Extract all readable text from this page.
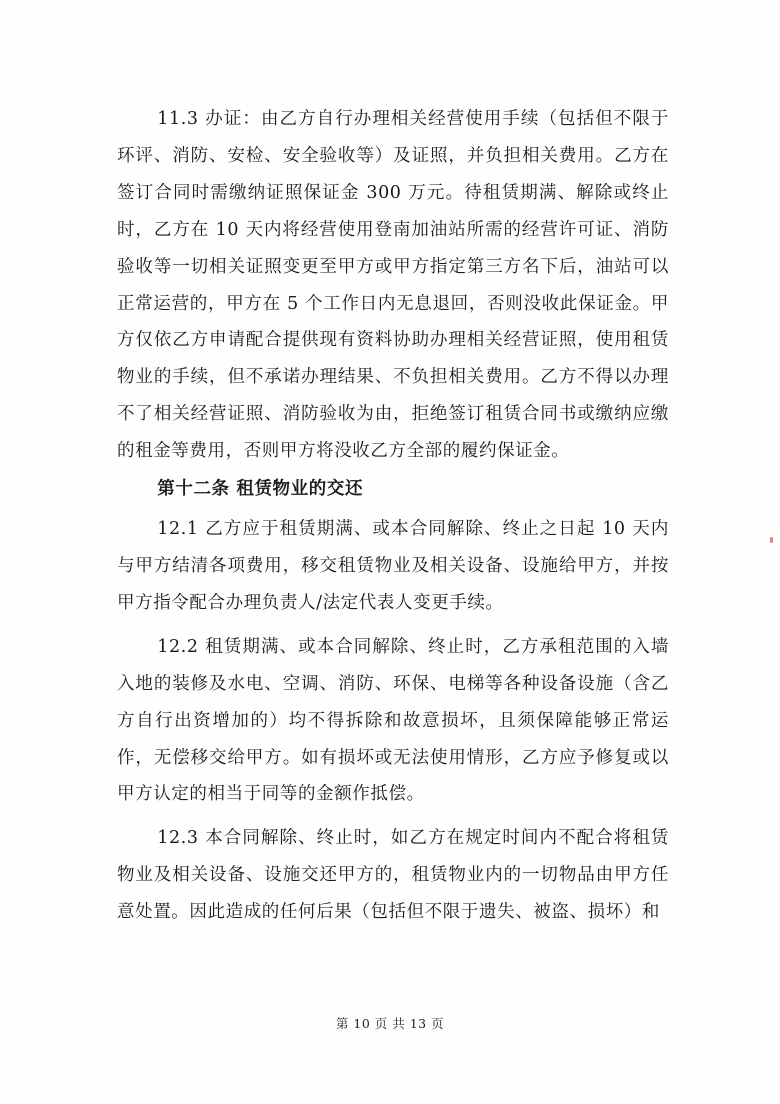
11.3 办证：由乙方自行办理相关经营使用手续（包括但不限于环评、消防、安检、安全验收等）及证照，并负担相关费用。乙方在签订合同时需缴纳证照保证金 300 万元。待租赁期满、解除或终止时，乙方在 10 天内将经营使用登南加油站所需的经营许可证、消防验收等一切相关证照变更至甲方或甲方指定第三方名下后，油站可以正常运营的，甲方在 5 个工作日内无息退回，否则没收此保证金。甲方仅依乙方申请配合提供现有资料协助办理相关经营证照，使用租赁物业的手续，但不承诺办理结果、不负担相关费用。乙方不得以办理不了相关经营证照、消防验收为由，拒绝签订租赁合同书或缴纳应缴的租金等费用，否则甲方将没收乙方全部的履约保证金。

第十二条 租赁物业的交还

12.1 乙方应于租赁期满、或本合同解除、终止之日起 10 天内与甲方结清各项费用，移交租赁物业及相关设备、设施给甲方，并按甲方指令配合办理负责人/法定代表人变更手续。

12.2 租赁期满、或本合同解除、终止时，乙方承租范围的入墙入地的装修及水电、空调、消防、环保、电梯等各种设备设施（含乙方自行出资增加的）均不得拆除和故意损坏，且须保障能够正常运作，无偿移交给甲方。如有损坏或无法使用情形，乙方应予修复或以甲方认定的相当于同等的金额作抵偿。

12.3 本合同解除、终止时，如乙方在规定时间内不配合将租赁物业及相关设备、设施交还甲方的，租赁物业内的一切物品由甲方任意处置。因此造成的任何后果（包括但不限于遗失、被盗、损坏）和

第 10 页 共 13 页
